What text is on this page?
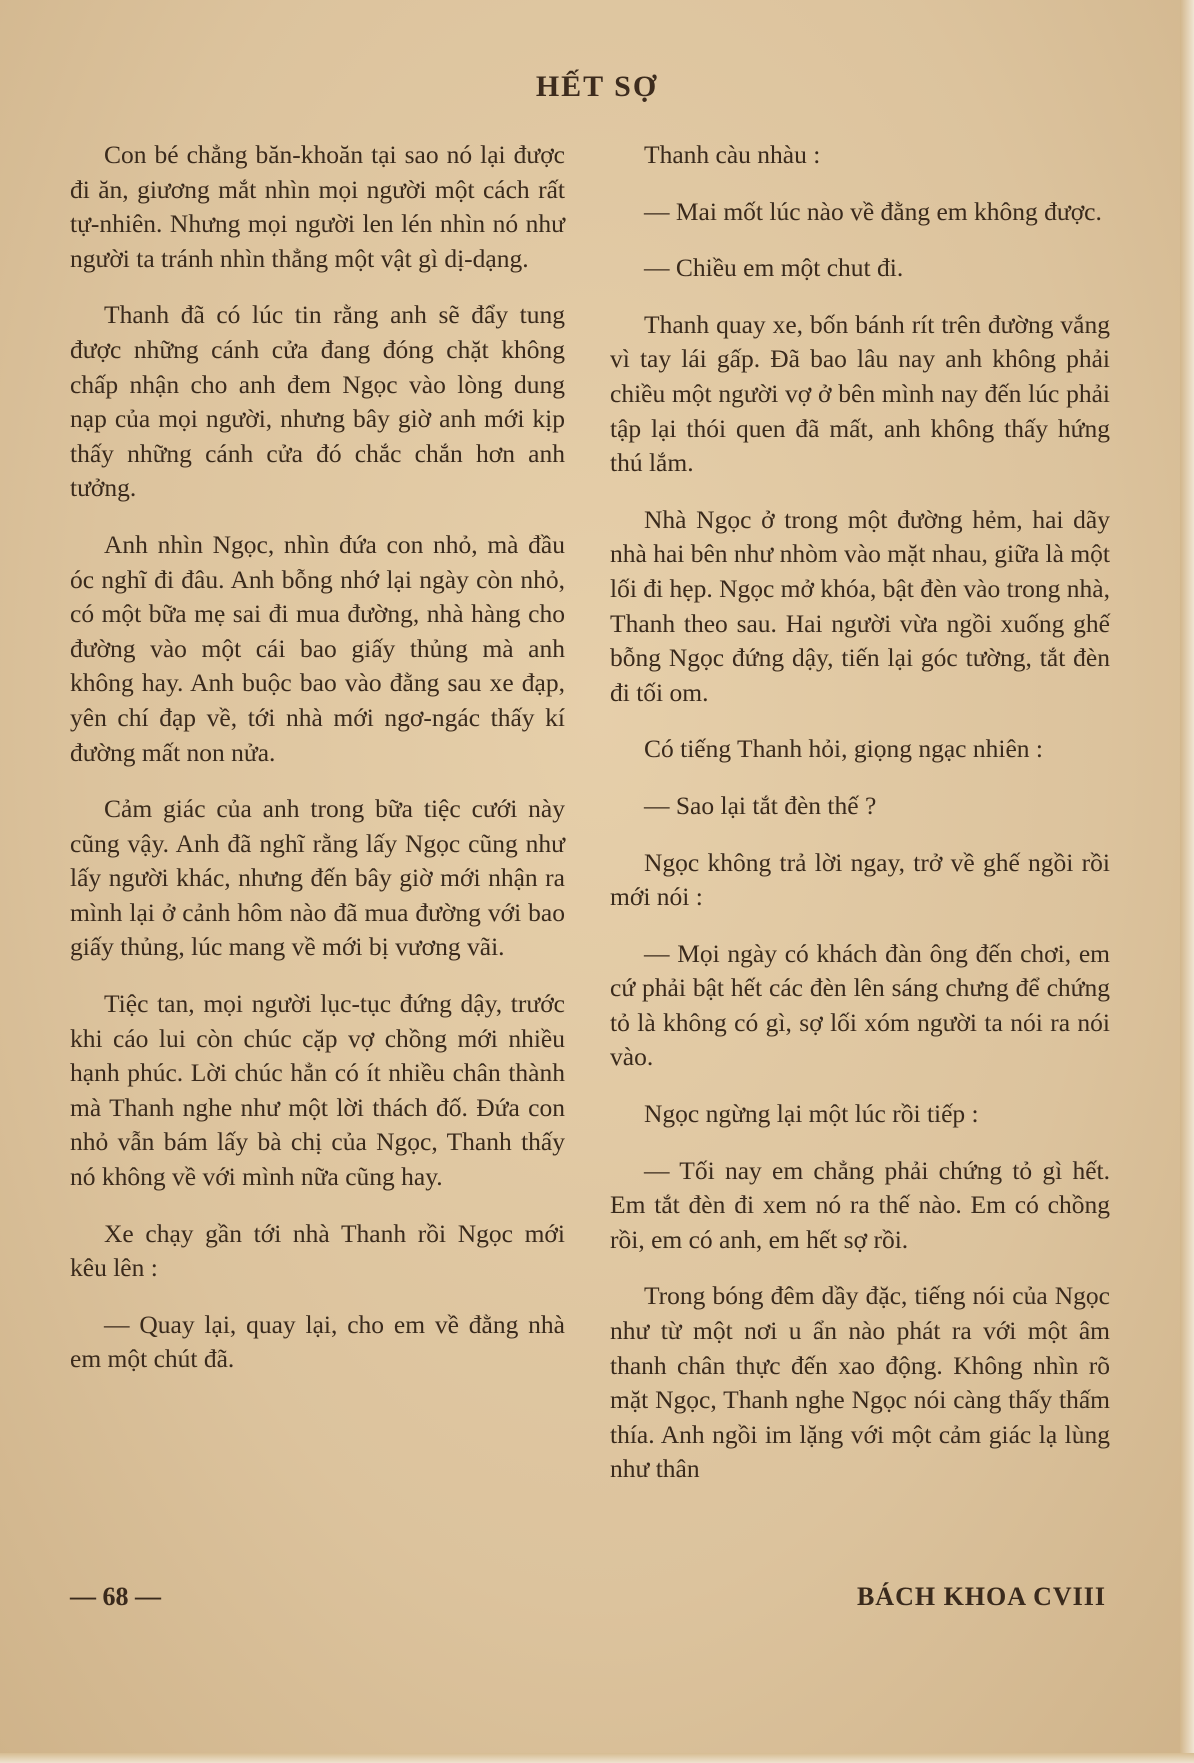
HẾT SỢ

Con bé chẳng băn-khoăn tại sao nó lại được đi ăn, giương mắt nhìn mọi người một cách rất tự-nhiên. Nhưng mọi người len lén nhìn nó như người ta tránh nhìn thẳng một vật gì dị-dạng.

Thanh đã có lúc tin rằng anh sẽ đẩy tung được những cánh cửa đang đóng chặt không chấp nhận cho anh đem Ngọc vào lòng dung nạp của mọi người, nhưng bây giờ anh mới kịp thấy những cánh cửa đó chắc chắn hơn anh tưởng.

Anh nhìn Ngọc, nhìn đứa con nhỏ, mà đầu óc nghĩ đi đâu. Anh bỗng nhớ lại ngày còn nhỏ, có một bữa mẹ sai đi mua đường, nhà hàng cho đường vào một cái bao giấy thủng mà anh không hay. Anh buộc bao vào đằng sau xe đạp, yên chí đạp về, tới nhà mới ngơ-ngác thấy kí đường mất non nửa.

Cảm giác của anh trong bữa tiệc cưới này cũng vậy. Anh đã nghĩ rằng lấy Ngọc cũng như lấy người khác, nhưng đến bây giờ mới nhận ra mình lại ở cảnh hôm nào đã mua đường với bao giấy thủng, lúc mang về mới bị vương vãi.

Tiệc tan, mọi người lục-tục đứng dậy, trước khi cáo lui còn chúc cặp vợ chồng mới nhiều hạnh phúc. Lời chúc hẳn có ít nhiều chân thành mà Thanh nghe như một lời thách đố. Đứa con nhỏ vẫn bám lấy bà chị của Ngọc, Thanh thấy nó không về với mình nữa cũng hay.

Xe chạy gần tới nhà Thanh rồi Ngọc mới kêu lên :

— Quay lại, quay lại, cho em về đằng nhà em một chút đã.

Thanh càu nhàu :

— Mai mốt lúc nào về đằng em không được.

— Chiều em một chut đi.

Thanh quay xe, bốn bánh rít trên đường vắng vì tay lái gấp. Đã bao lâu nay anh không phải chiều một người vợ ở bên mình nay đến lúc phải tập lại thói quen đã mất, anh không thấy hứng thú lắm.

Nhà Ngọc ở trong một đường hẻm, hai dãy nhà hai bên như nhòm vào mặt nhau, giữa là một lối đi hẹp. Ngọc mở khóa, bật đèn vào trong nhà, Thanh theo sau. Hai người vừa ngồi xuống ghế bỗng Ngọc đứng dậy, tiến lại góc tường, tắt đèn đi tối om.

Có tiếng Thanh hỏi, giọng ngạc nhiên :

— Sao lại tắt đèn thế ?

Ngọc không trả lời ngay, trở về ghế ngồi rồi mới nói :

— Mọi ngày có khách đàn ông đến chơi, em cứ phải bật hết các đèn lên sáng chưng để chứng tỏ là không có gì, sợ lối xóm người ta nói ra nói vào.

Ngọc ngừng lại một lúc rồi tiếp :

— Tối nay em chẳng phải chứng tỏ gì hết. Em tắt đèn đi xem nó ra thế nào. Em có chồng rồi, em có anh, em hết sợ rồi.

Trong bóng đêm dầy đặc, tiếng nói của Ngọc như từ một nơi u ẩn nào phát ra với một âm thanh chân thực đến xao động. Không nhìn rõ mặt Ngọc, Thanh nghe Ngọc nói càng thấy thấm thía. Anh ngồi im lặng với một cảm giác lạ lùng như thân

— 68 —	BÁCH KHOA CVIII
